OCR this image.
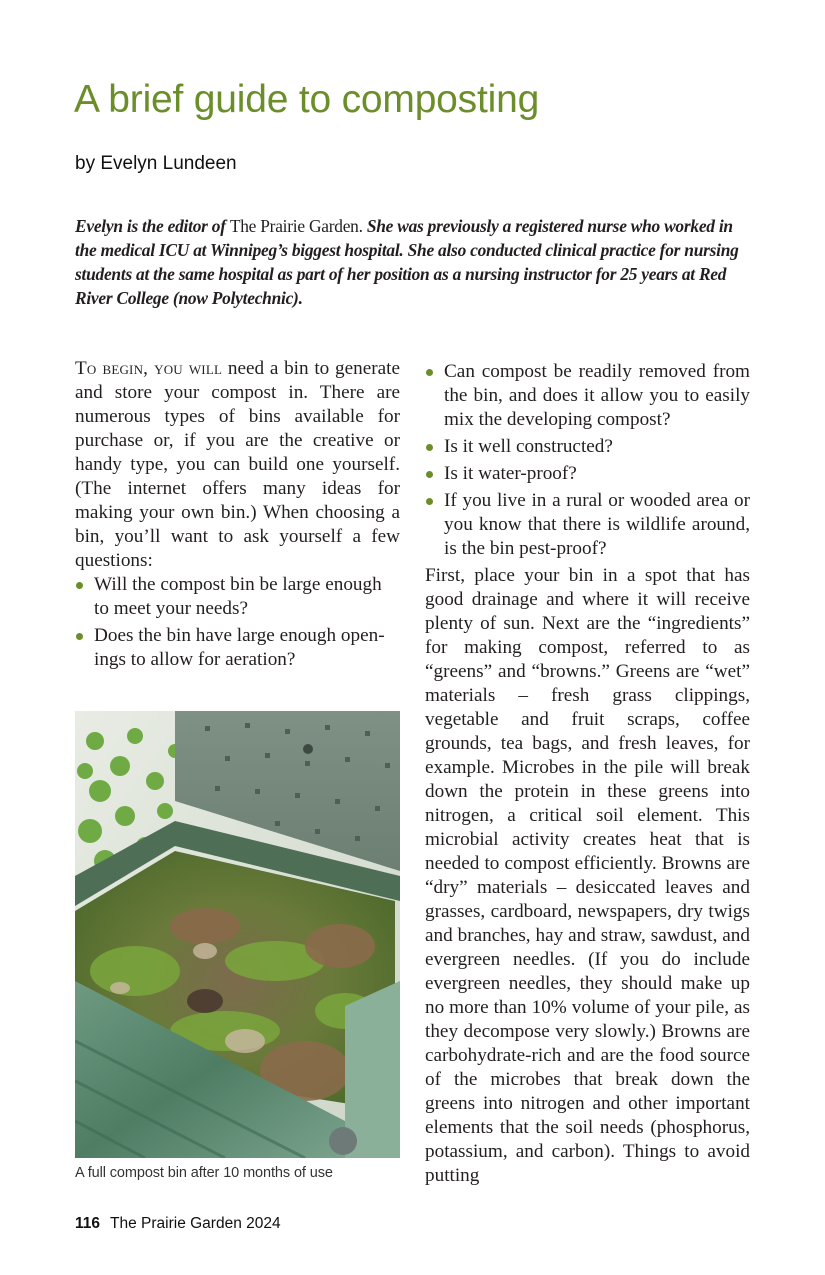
A brief guide to composting
by Evelyn Lundeen

Evelyn is the editor of The Prairie Garden. She was previously a registered nurse who worked in the medical ICU at Winnipeg’s biggest hospital. She also conducted clinical practice for nursing students at the same hospital as part of her position as a nursing instructor for 25 years at Red River College (now Polytechnic).

To begin, you will need a bin to generate and store your compost in. There are numerous types of bins available for purchase or, if you are the creative or handy type, you can build one yourself. (The internet offers many ideas for making your own bin.) When choosing a bin, you’ll want to ask yourself a few questions:

Will the compost bin be large enough to meet your needs?
Does the bin have large enough openings to allow for aeration?
A full compost bin after 10 months of use
Can compost be readily removed from the bin, and does it allow you to easily mix the developing compost?
Is it well constructed?
Is it water-proof?
If you live in a rural or wooded area or you know that there is wildlife around, is the bin pest-proof?

First, place your bin in a spot that has good drainage and where it will receive plenty of sun. Next are the “ingredients” for making compost, referred to as “greens” and “browns.” Greens are “wet” materials – fresh grass clippings, vegetable and fruit scraps, coffee grounds, tea bags, and fresh leaves, for example. Microbes in the pile will break down the protein in these greens into nitrogen, a critical soil element. This microbial activity creates heat that is needed to compost efficiently. Browns are “dry” materials – desiccated leaves and grasses, cardboard, newspapers, dry twigs and branches, hay and straw, sawdust, and evergreen needles. (If you do include evergreen needles, they should make up no more than 10% volume of your pile, as they decompose very slowly.) Browns are carbohydrate-rich and are the food source of the microbes that break down the greens into nitrogen and other important elements that the soil needs (phosphorus, potassium, and carbon). Things to avoid putting

116 The Prairie Garden 2024
